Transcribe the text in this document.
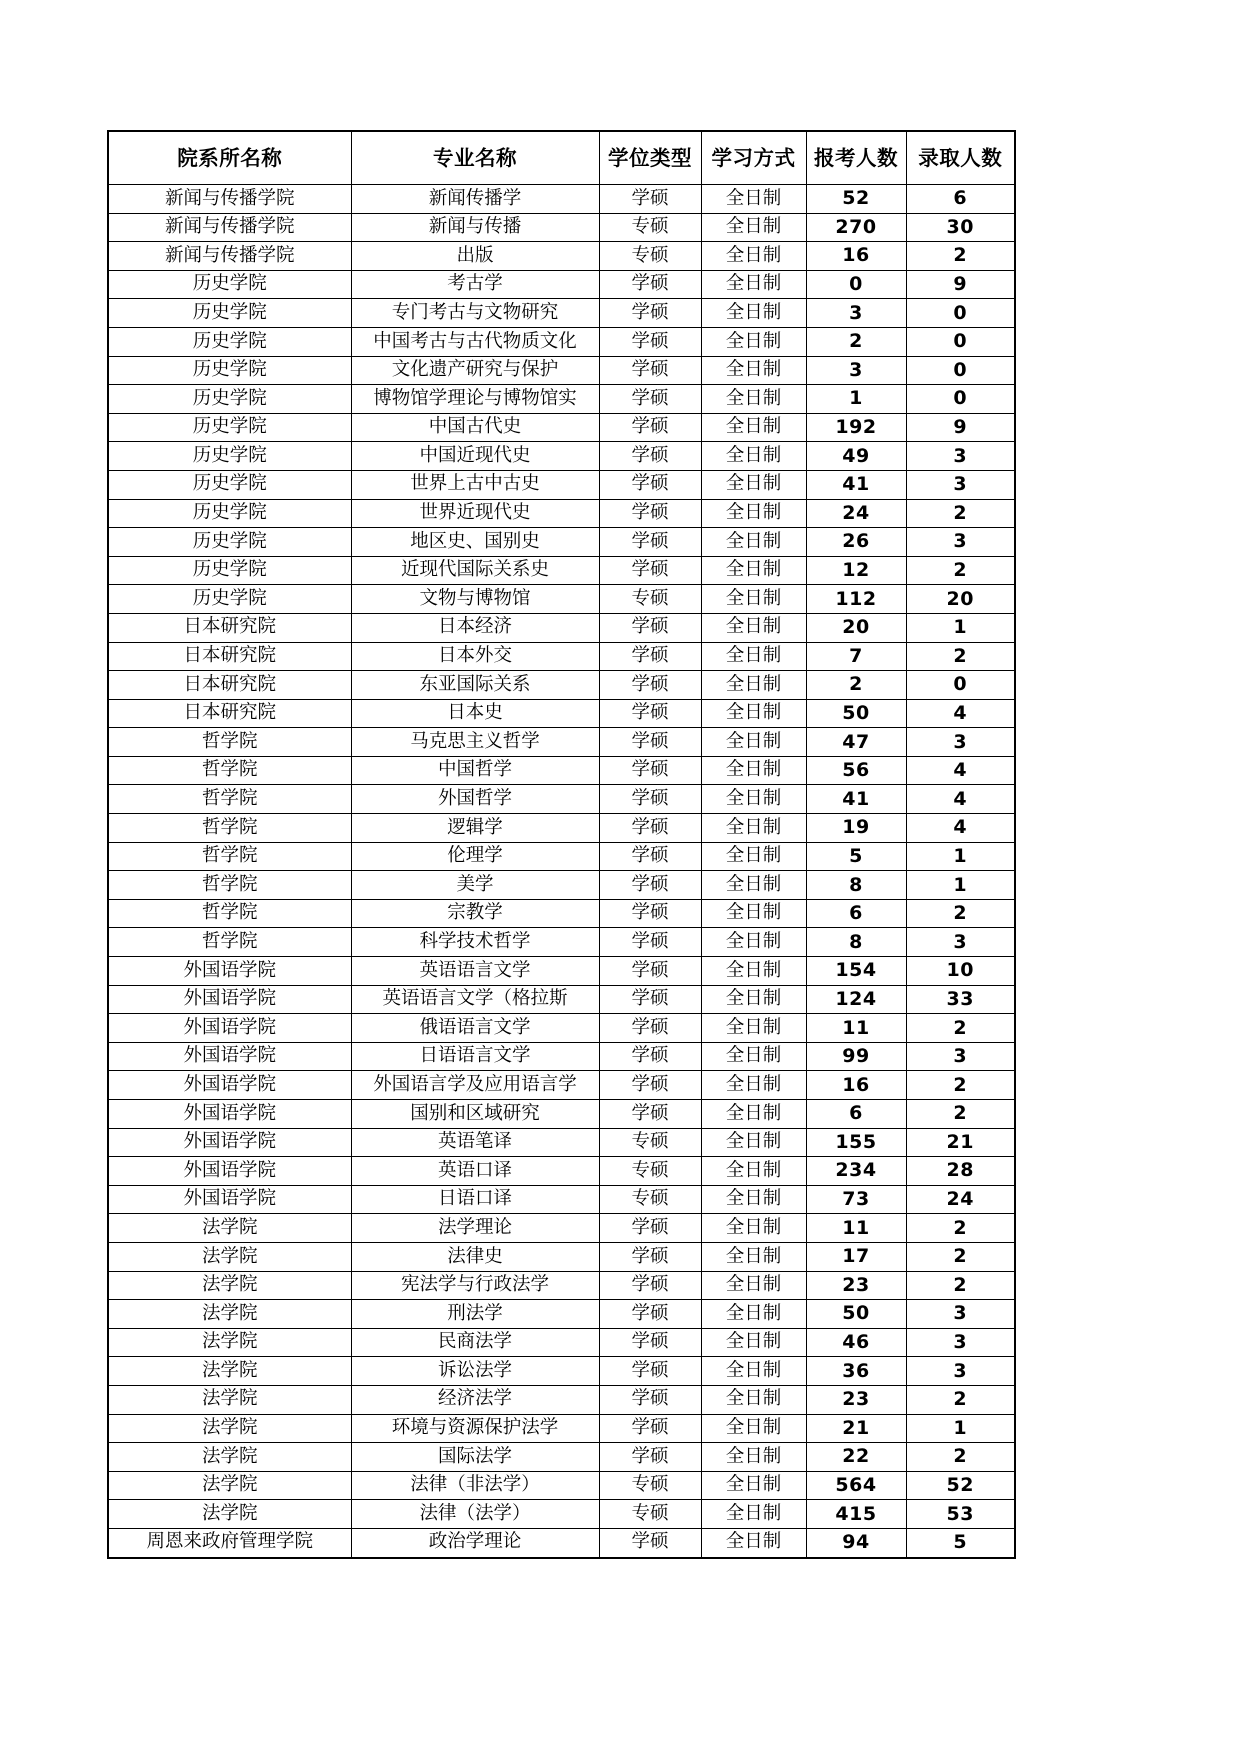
院系所名称	专业名称	学位类型	学习方式	报考人数	录取人数
新闻与传播学院	新闻传播学	学硕	全日制	52	6
新闻与传播学院	新闻与传播	专硕	全日制	270	30
新闻与传播学院	出版	专硕	全日制	16	2
历史学院	考古学	学硕	全日制	0	9
历史学院	专门考古与文物研究	学硕	全日制	3	0
历史学院	中国考古与古代物质文化	学硕	全日制	2	0
历史学院	文化遗产研究与保护	学硕	全日制	3	0
历史学院	博物馆学理论与博物馆实	学硕	全日制	1	0
历史学院	中国古代史	学硕	全日制	192	9
历史学院	中国近现代史	学硕	全日制	49	3
历史学院	世界上古中古史	学硕	全日制	41	3
历史学院	世界近现代史	学硕	全日制	24	2
历史学院	地区史、国别史	学硕	全日制	26	3
历史学院	近现代国际关系史	学硕	全日制	12	2
历史学院	文物与博物馆	专硕	全日制	112	20
日本研究院	日本经济	学硕	全日制	20	1
日本研究院	日本外交	学硕	全日制	7	2
日本研究院	东亚国际关系	学硕	全日制	2	0
日本研究院	日本史	学硕	全日制	50	4
哲学院	马克思主义哲学	学硕	全日制	47	3
哲学院	中国哲学	学硕	全日制	56	4
哲学院	外国哲学	学硕	全日制	41	4
哲学院	逻辑学	学硕	全日制	19	4
哲学院	伦理学	学硕	全日制	5	1
哲学院	美学	学硕	全日制	8	1
哲学院	宗教学	学硕	全日制	6	2
哲学院	科学技术哲学	学硕	全日制	8	3
外国语学院	英语语言文学	学硕	全日制	154	10
外国语学院	英语语言文学（格拉斯	学硕	全日制	124	33
外国语学院	俄语语言文学	学硕	全日制	11	2
外国语学院	日语语言文学	学硕	全日制	99	3
外国语学院	外国语言学及应用语言学	学硕	全日制	16	2
外国语学院	国别和区域研究	学硕	全日制	6	2
外国语学院	英语笔译	专硕	全日制	155	21
外国语学院	英语口译	专硕	全日制	234	28
外国语学院	日语口译	专硕	全日制	73	24
法学院	法学理论	学硕	全日制	11	2
法学院	法律史	学硕	全日制	17	2
法学院	宪法学与行政法学	学硕	全日制	23	2
法学院	刑法学	学硕	全日制	50	3
法学院	民商法学	学硕	全日制	46	3
法学院	诉讼法学	学硕	全日制	36	3
法学院	经济法学	学硕	全日制	23	2
法学院	环境与资源保护法学	学硕	全日制	21	1
法学院	国际法学	学硕	全日制	22	2
法学院	法律（非法学）	专硕	全日制	564	52
法学院	法律（法学）	专硕	全日制	415	53
周恩来政府管理学院	政治学理论	学硕	全日制	94	5
